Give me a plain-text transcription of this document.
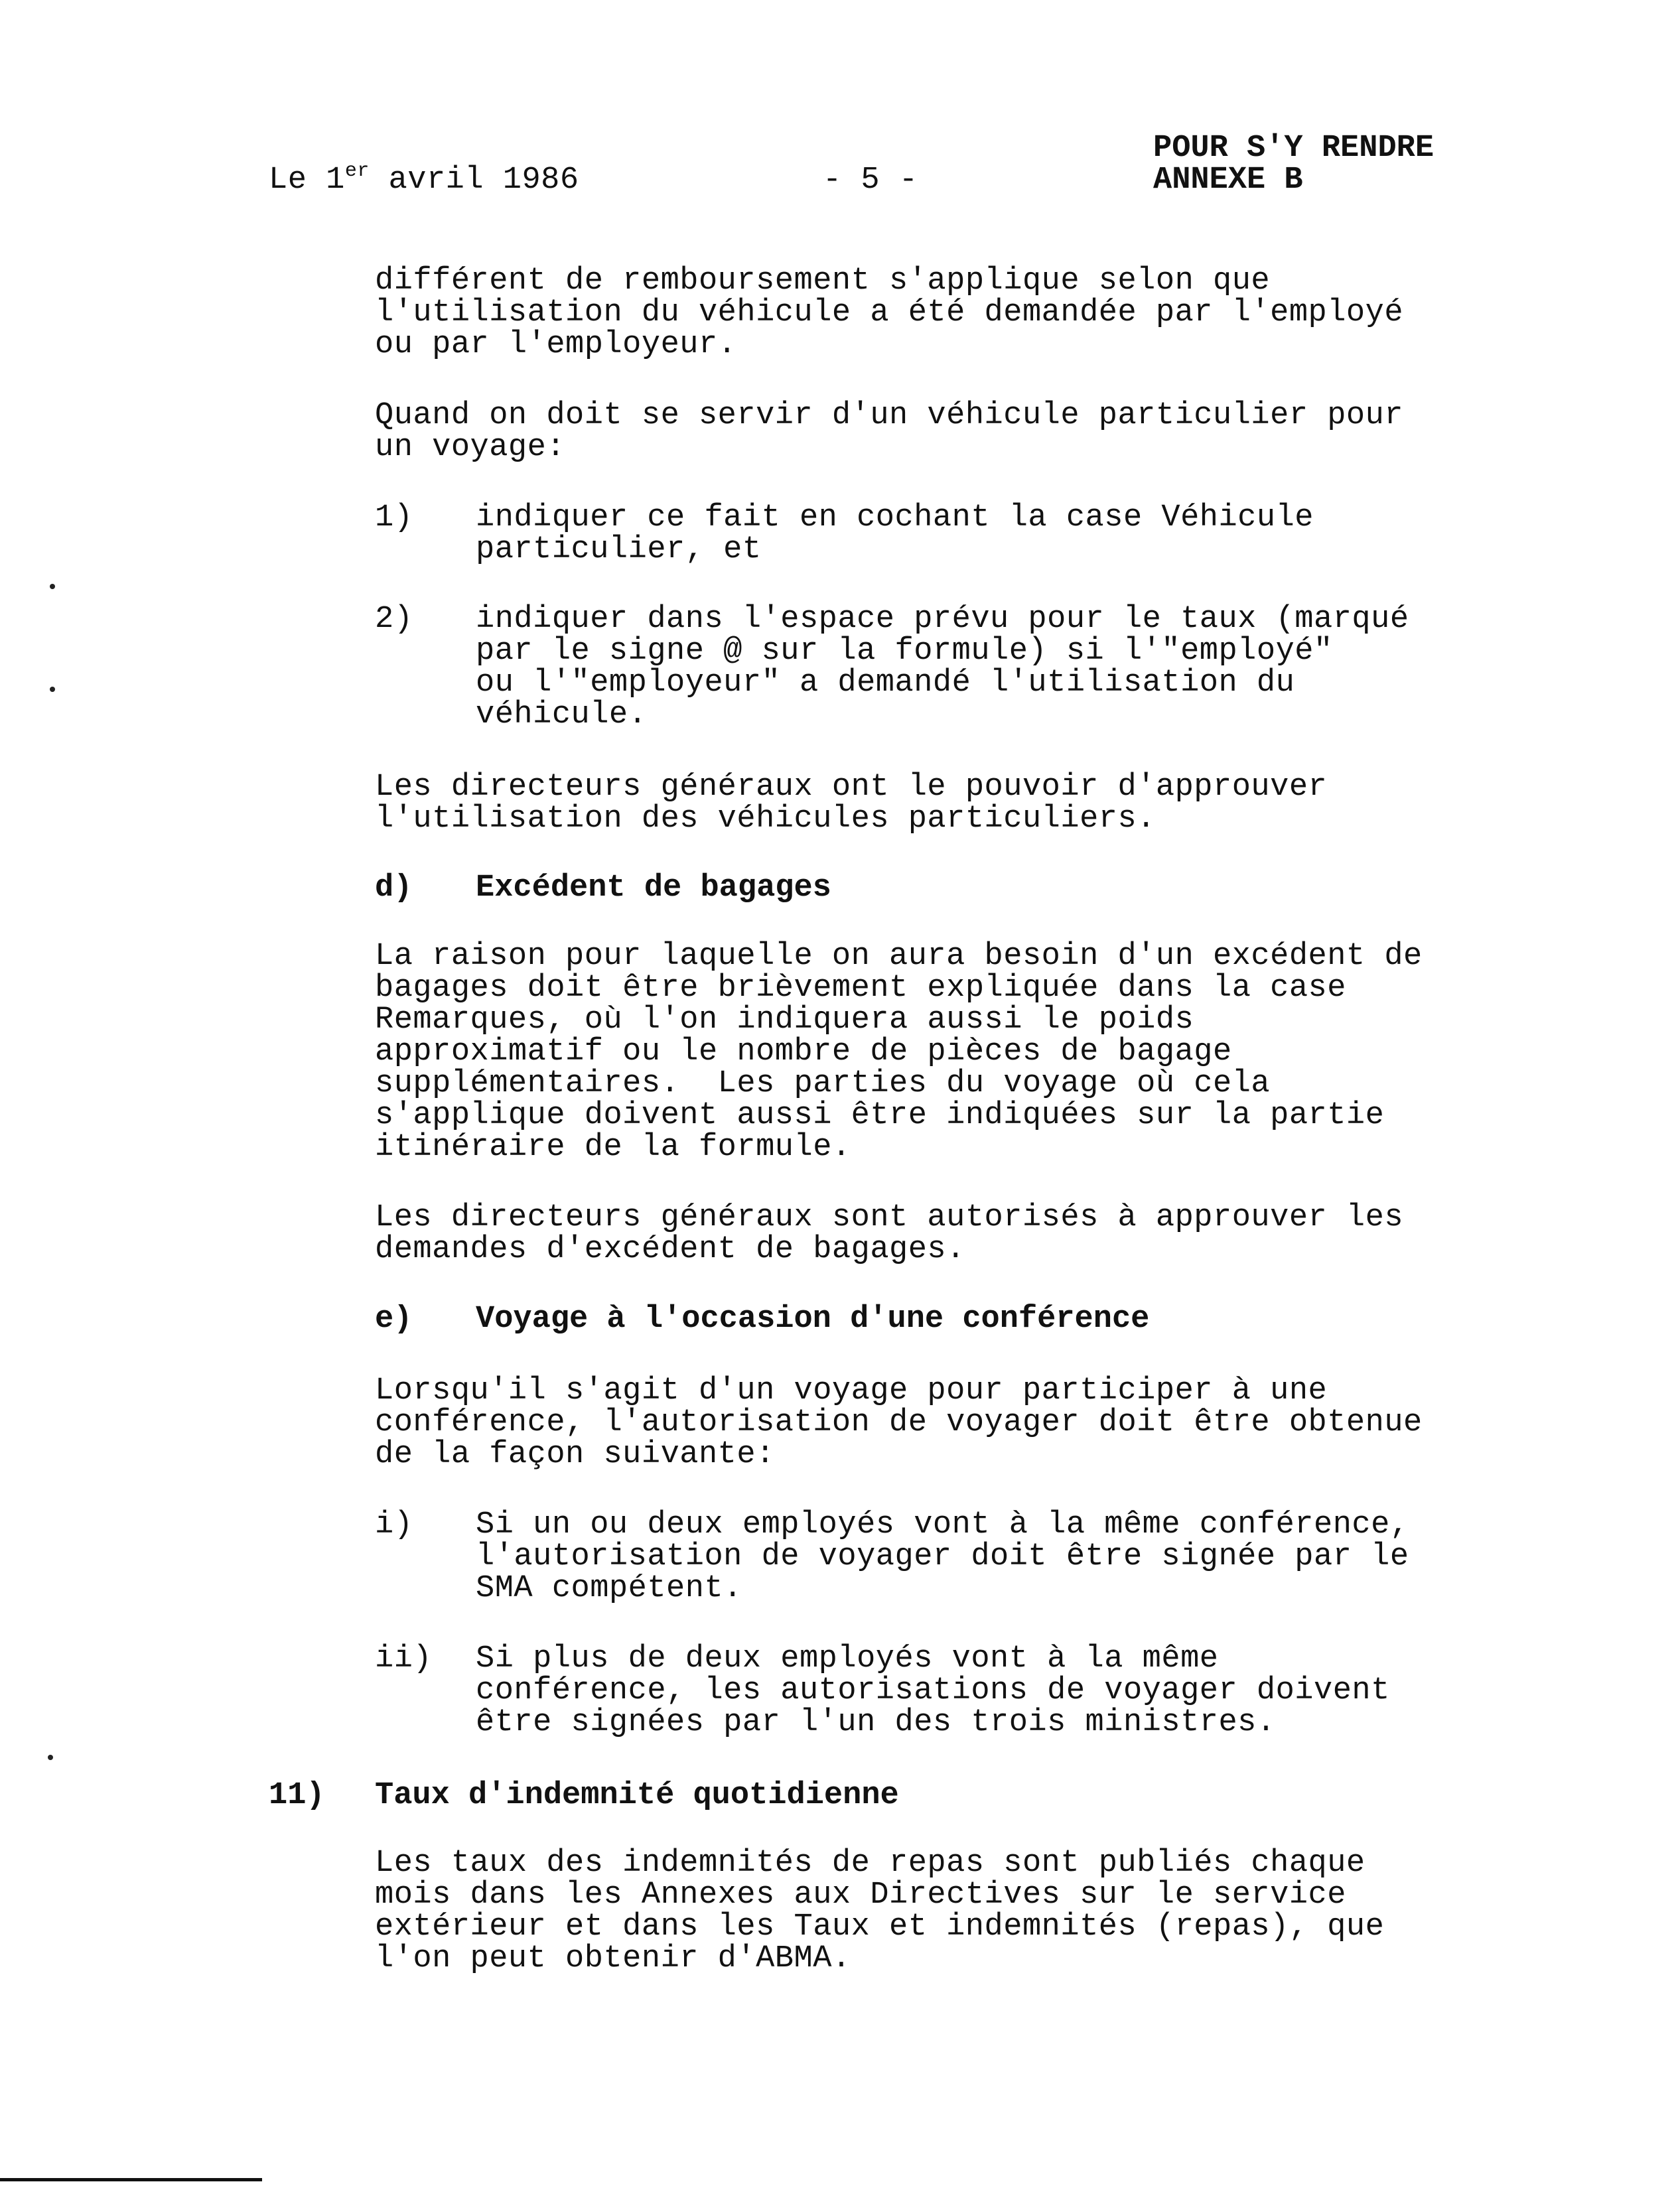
Le 1er avril 1986	- 5 -
POUR S'Y RENDRE
ANNEXE B
différent de remboursement s'applique selon que
l'utilisation du véhicule a été demandée par l'employé
ou par l'employeur.
Quand on doit se servir d'un véhicule particulier pour
un voyage:
1) indiquer ce fait en cochant la case Véhicule
particulier, et
2) indiquer dans l'espace prévu pour le taux (marqué
par le signe @ sur la formule) si l'"employé"
ou l'"employeur" a demandé l'utilisation du
véhicule.
Les directeurs généraux ont le pouvoir d'approuver
l'utilisation des véhicules particuliers.
d) Excédent de bagages
La raison pour laquelle on aura besoin d'un excédent de
bagages doit être brièvement expliquée dans la case
Remarques, où l'on indiquera aussi le poids
approximatif ou le nombre de pièces de bagage
supplémentaires.  Les parties du voyage où cela
s'applique doivent aussi être indiquées sur la partie
itinéraire de la formule.
Les directeurs généraux sont autorisés à approuver les
demandes d'excédent de bagages.
e) Voyage à l'occasion d'une conférence
Lorsqu'il s'agit d'un voyage pour participer à une
conférence, l'autorisation de voyager doit être obtenue
de la façon suivante:
i) Si un ou deux employés vont à la même conférence,
l'autorisation de voyager doit être signée par le
SMA compétent.
ii) Si plus de deux employés vont à la même
conférence, les autorisations de voyager doivent
être signées par l'un des trois ministres.
11) Taux d'indemnité quotidienne
Les taux des indemnités de repas sont publiés chaque
mois dans les Annexes aux Directives sur le service
extérieur et dans les Taux et indemnités (repas), que
l'on peut obtenir d'ABMA.
